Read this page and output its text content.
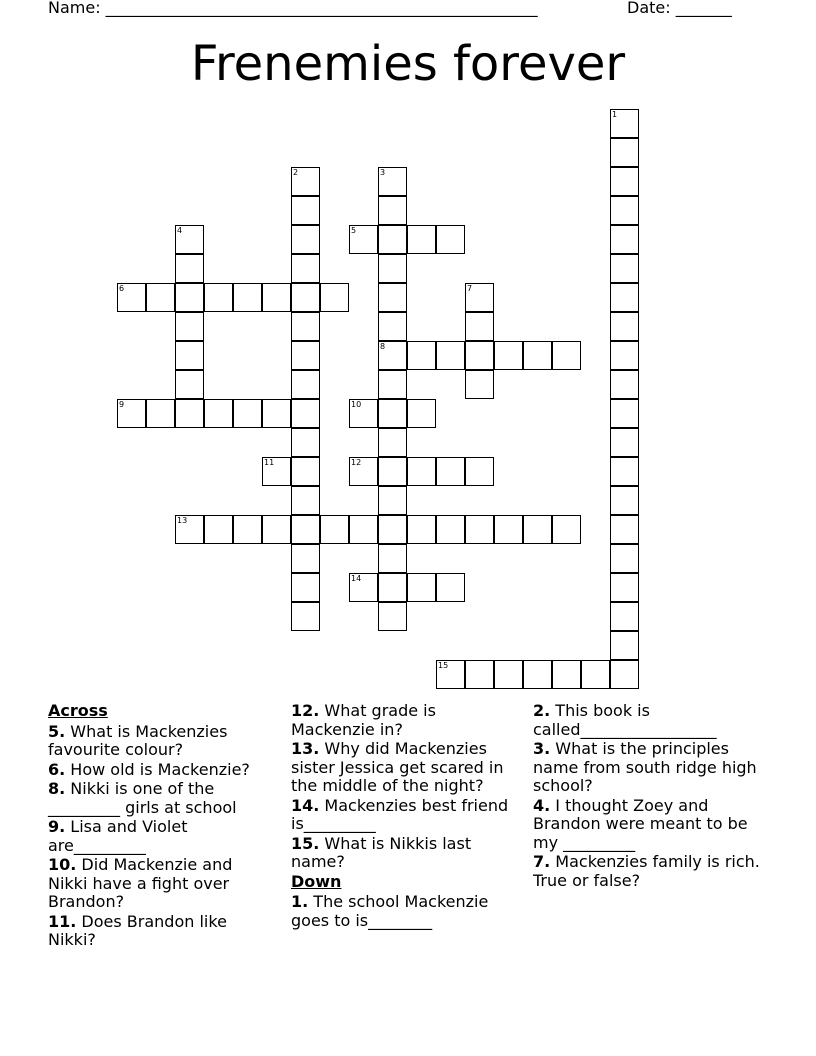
Name: ______________________________________________________	Date: _______
Frenemies forever
5
6
8
9	10
11	12
13
14
15
1
2	3
4
7
Across
5. What is Mackenzies favourite colour?
6. How old is Mackenzie?
8. Nikki is one of the _________ girls at school
9. Lisa and Violet are_________
10. Did Mackenzie and Nikki have a fight over Brandon?
11. Does Brandon like Nikki?
12. What grade is Mackenzie in?
13. Why did Mackenzies sister Jessica get scared in the middle of the night?
14. Mackenzies best friend is_________
15. What is Nikkis last name?
Down
1. The school Mackenzie goes to is________
2. This book is called_________________
3. What is the principles name from south ridge high school?
4. I thought Zoey and Brandon were meant to be my _________
7. Mackenzies family is rich. True or false?
